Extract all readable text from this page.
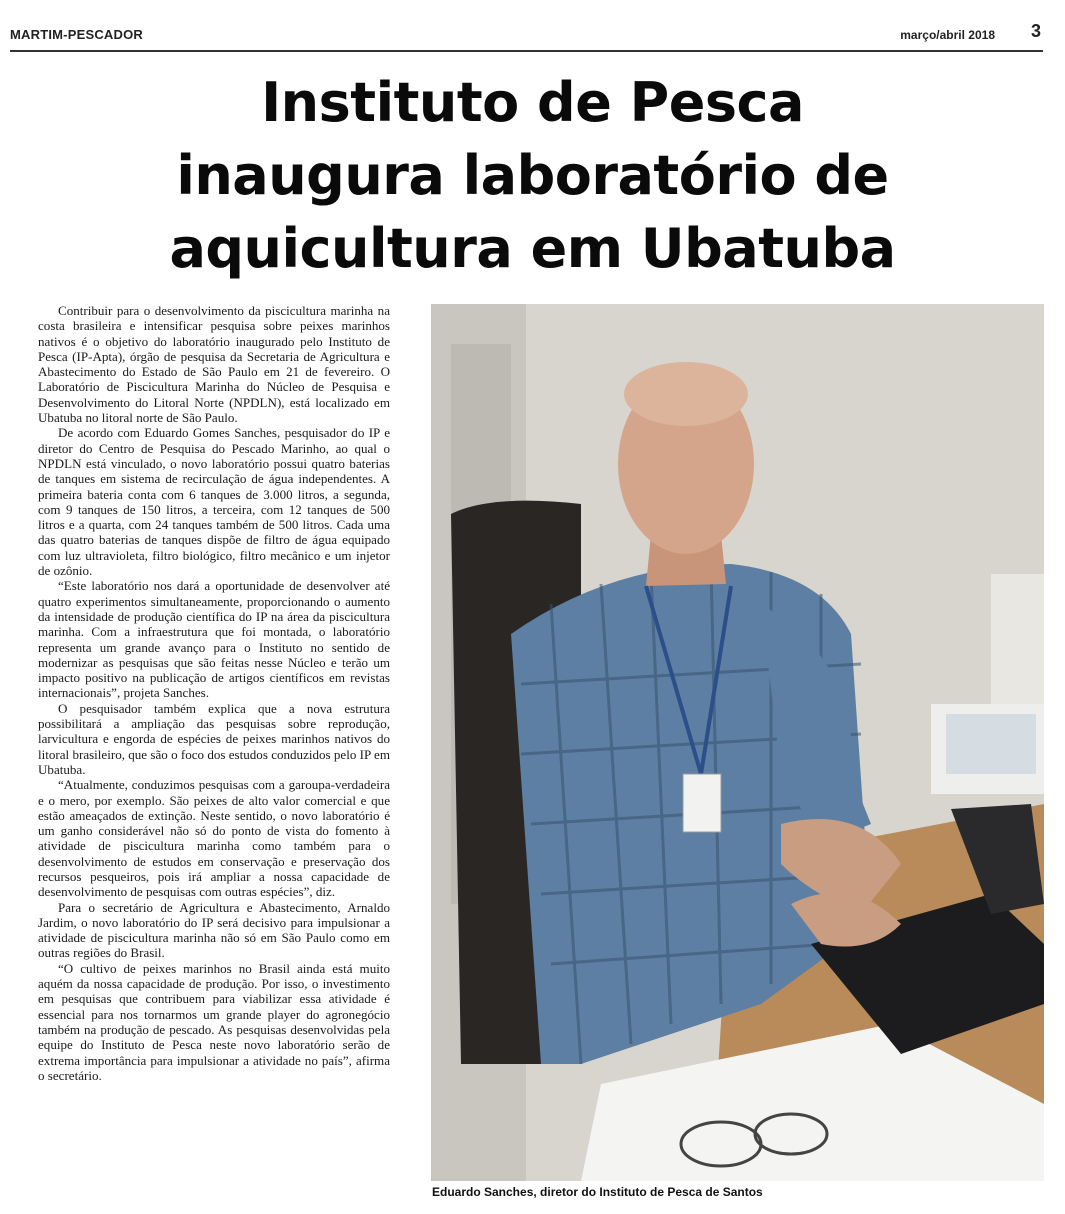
MARTIM-PESCADOR	março/abril 2018 3
Instituto de Pesca
inaugura laboratório de
aquicultura em Ubatuba

Contribuir para o desenvolvimento da piscicultura marinha na costa brasileira e intensificar pesquisa sobre peixes marinhos nativos é o objetivo do laboratório inaugurado pelo Instituto de Pesca (IP-Apta), órgão de pesquisa da Secretaria de Agricultura e Abastecimento do Estado de São Paulo em 21 de fevereiro. O Laboratório de Piscicultura Marinha do Núcleo de Pesquisa e Desenvolvimento do Litoral Norte (NPDLN), está localizado em Ubatuba no litoral norte de São Paulo.

De acordo com Eduardo Gomes Sanches, pesquisador do IP e diretor do Centro de Pesquisa do Pescado Marinho, ao qual o NPDLN está vinculado, o novo laboratório possui quatro baterias de tanques em sistema de recirculação de água independentes. A primeira bateria conta com 6 tanques de 3.000 litros, a segunda, com 9 tanques de 150 litros, a terceira, com 12 tanques de 500 litros e a quarta, com 24 tanques também de 500 litros. Cada uma das quatro baterias de tanques dispõe de filtro de água equipado com luz ultravioleta, filtro biológico, filtro mecânico e um injetor de ozônio.

“Este laboratório nos dará a oportunidade de desenvolver até quatro experimentos simultaneamente, proporcionando o aumento da intensidade de produção científica do IP na área da piscicultura marinha. Com a infraestrutura que foi montada, o laboratório representa um grande avanço para o Instituto no sentido de modernizar as pesquisas que são feitas nesse Núcleo e terão um impacto positivo na publicação de artigos científicos em revistas internacionais”, projeta Sanches.

O pesquisador também explica que a nova estrutura possibilitará a ampliação das pesquisas sobre reprodução, larvicultura e engorda de espécies de peixes marinhos nativos do litoral brasileiro, que são o foco dos estudos conduzidos pelo IP em Ubatuba.

“Atualmente, conduzimos pesquisas com a garoupa-verdadeira e o mero, por exemplo. São peixes de alto valor comercial e que estão ameaçados de extinção. Neste sentido, o novo laboratório é um ganho considerável não só do ponto de vista do fomento à atividade de piscicultura marinha como também para o desenvolvimento de estudos em conservação e preservação dos recursos pesqueiros, pois irá ampliar a nossa capacidade de desenvolvimento de pesquisas com outras espécies”, diz.

Para o secretário de Agricultura e Abastecimento, Arnaldo Jardim, o novo laboratório do IP será decisivo para impulsionar a atividade de piscicultura marinha não só em São Paulo como em outras regiões do Brasil.

“O cultivo de peixes marinhos no Brasil ainda está muito aquém da nossa capacidade de produção. Por isso, o investimento em pesquisas que contribuem para viabilizar essa atividade é essencial para nos tornarmos um grande player do agronegócio também na produção de pescado. As pesquisas desenvolvidas pela equipe do Instituto de Pesca neste novo laboratório serão de extrema importância para impulsionar a atividade no país”, afirma o secretário.

Eduardo Sanches, diretor do Instituto de Pesca de Santos
